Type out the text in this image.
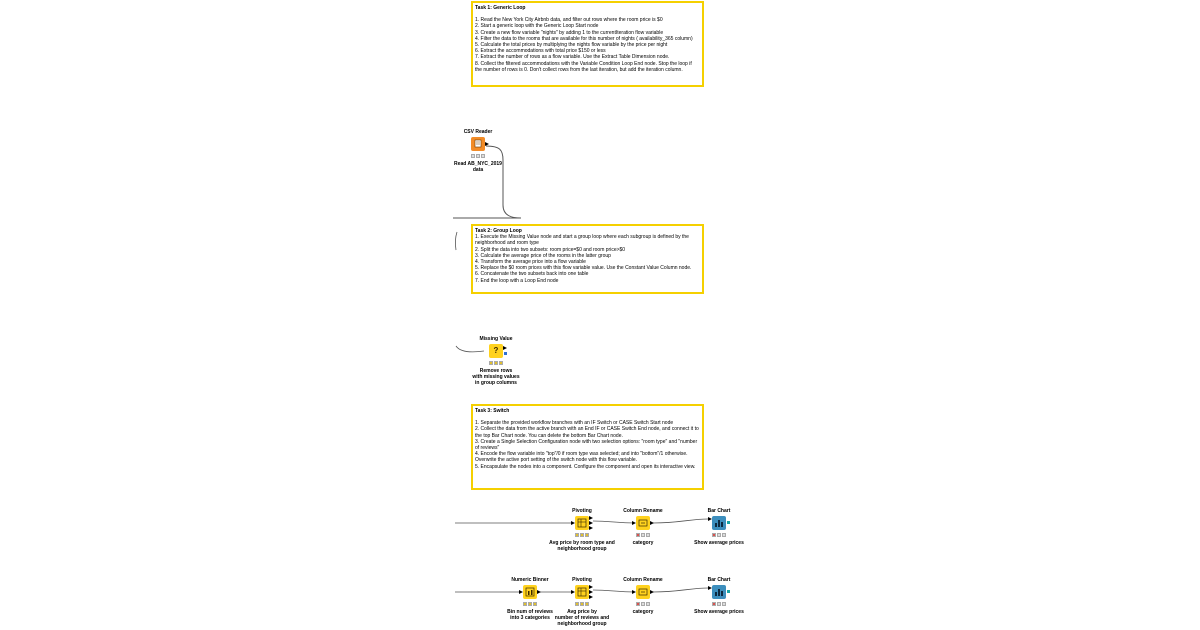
Task 1: Generic Loop
1. Read the New York City Airbnb data, and filter out rows where the room price is $0
2. Start a generic loop with the Generic Loop Start node
3. Create a new flow variable "nights" by adding 1 to the currentIteration flow variable
4. Filter the data to the rooms that are available for this number of nights ( availability_365 column)
5. Calculate the total prices by multiplying the nights flow variable by the price per night
6. Extract the accommodations with total price $150 or less
7. Extract the number of rows as a flow variable. Use the Extract Table Dimension node.
8. Collect the filtered accommodations with the Variable Condition Loop End node. Stop the loop if the number of rows is 0. Don't collect rows from the last iteration, but add the iteration column.
Task 2: Group Loop
1. Execute the Missing Value node and start a group loop where each subgroup is defined by the neighborhood and room type
2. Split the data into two subsets: room price=$0 and room price>$0
3. Calculate the average price of the rooms in the latter group
4. Transform the average price into a flow variable
5. Replace the $0 room prices with this flow variable value. Use the Constant Value Column node.
6. Concatenate the two subsets back into one table
7. End the loop with a Loop End node
Task 3: Switch
1. Separate the provided workflow branches with an IF Switch or CASE Switch Start node
2. Collect the data from the active branch with an End IF or CASE Switch End node, and connect it to the top Bar Chart node. You can delete the bottom Bar Chart node.
3. Create a Single Selection Configuration node with two selection options: "room type" and "number of reviews"
4. Encode the flow variable into "top"/0 if room type was selected; and into "bottom"/1 otherwise. Overwrite the active port setting of the switch node with this flow variable.
5. Encapsulate the nodes into a component. Configure the component and open its interactive view.
CSV Reader
Read AB_NYC_2019
data
Missing Value
?
Remove rows
with missing values
in group columns
Pivoting
Avg price by room type and
neighborhood group
Column Rename
category
Bar Chart
Show average prices
Numeric Binner
Bin num of reviews
into 3 categories
Pivoting
Avg price by
number of reviews and
neighborhood group
Column Rename
category
Bar Chart
Show average prices
